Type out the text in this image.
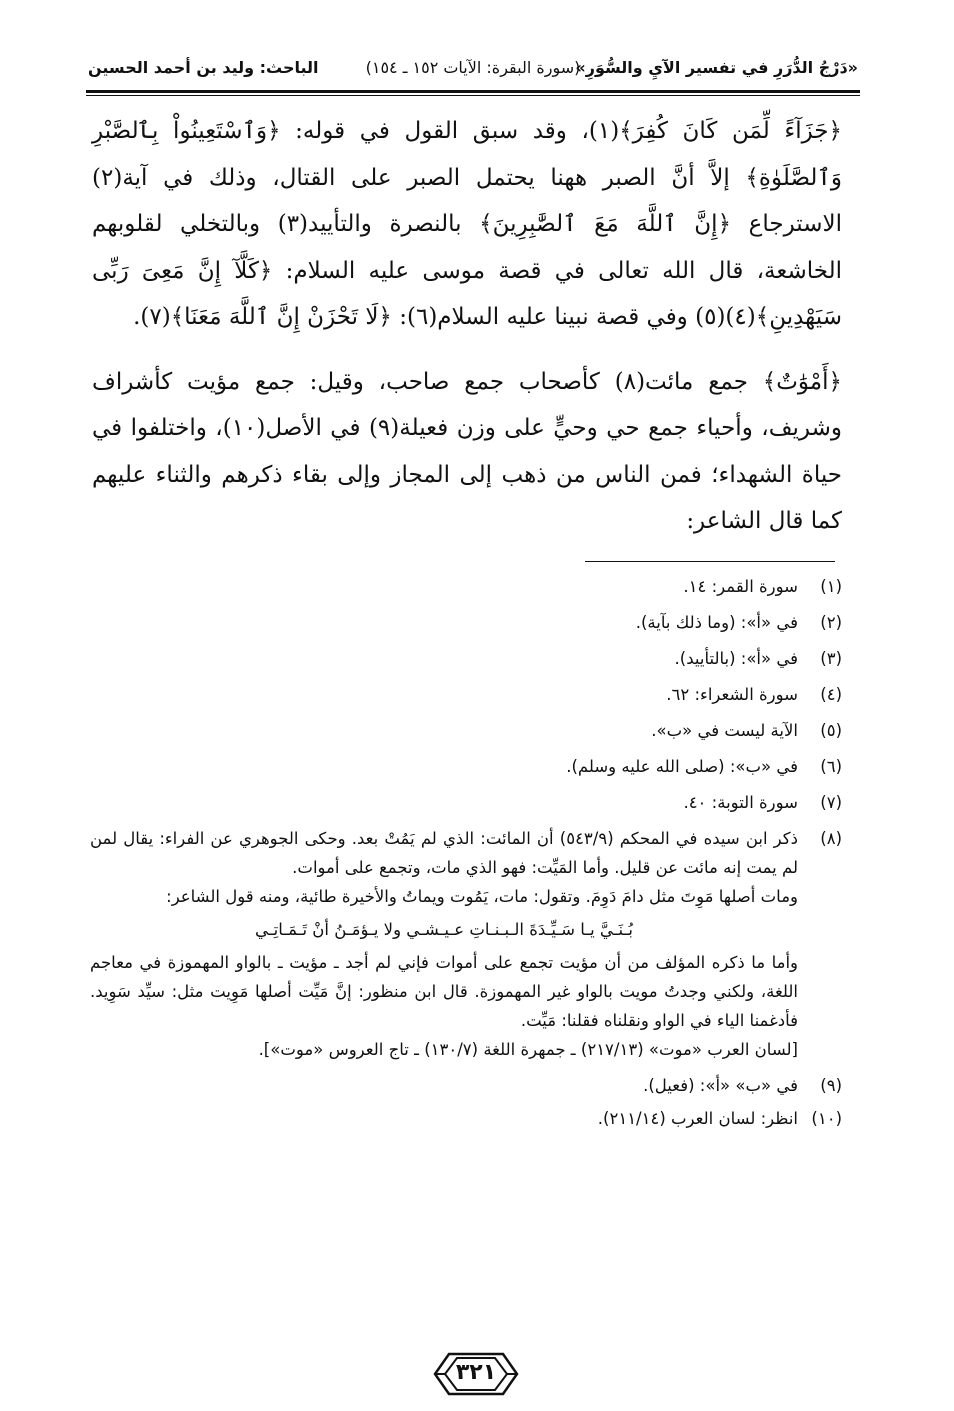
«دَرْجُ الدُّرَرِ في تفسير الآيِ والسُّوَرِ»
(سورة البقرة: الآيات ١٥٢ ـ ١٥٤)
الباحث: وليد بن أحمد الحسين

﴿جَزَآءً لِّمَن كَانَ كُفِرَ﴾(١)، وقد سبق القول في قوله: ﴿وَٱسْتَعِينُواْ بِٱلصَّبْرِ وَٱلصَّلَوٰةِ﴾ إلاَّ أنَّ الصبر ههنا يحتمل الصبر على القتال، وذلك في آية(٢) الاسترجاع ﴿إِنَّ ٱللَّهَ مَعَ ٱلصَّٰبِرِينَ﴾ بالنصرة والتأييد(٣) وبالتخلي لقلوبهم الخاشعة، قال الله تعالى في قصة موسى عليه السلام: ﴿كَلَّآ إِنَّ مَعِىَ رَبِّى سَيَهْدِينِ﴾(٤)(٥) وفي قصة نبينا عليه السلام(٦): ﴿لَا تَحْزَنْ إِنَّ ٱللَّهَ مَعَنَا﴾(٧).

﴿أَمْوَٰتٌ﴾ جمع مائت(٨) كأصحاب جمع صاحب، وقيل: جمع مؤيت كأشراف وشريف، وأحياء جمع حي وحيٍّ على وزن فعيلة(٩) في الأصل(١٠)، واختلفوا في حياة الشهداء؛ فمن الناس من ذهب إلى المجاز وإلى بقاء ذكرهم والثناء عليهم كما قال الشاعر:

(١)
سورة القمر: ١٤.
(٢)
في «أ»: (وما ذلك بآية).
(٣)
في «أ»: (بالتأييد).
(٤)
سورة الشعراء: ٦٢.
(٥)
الآية ليست في «ب».
(٦)
في «ب»: (صلى الله عليه وسلم).
(٧)
سورة التوبة: ٤٠.
(٨)
ذكر ابن سيده في المحكم (٥٤٣/٩) أن المائت: الذي لم يَمُتْ بعد. وحكى الجوهري عن الفراء: يقال لمن لم يمت إنه مائت عن قليل. وأما المَيِّت: فهو الذي مات، وتجمع على أموات.
ومات أصلها مَوِتَ مثل دامَ دَوِمَ. وتقول: مات، يَمُوت ويماتُ والأخيرة طائية، ومنه قول الشاعر:
بُـنَـيَّ يـا سَـيِّـدَةَ الـبـنـاتِ عـيـشـي ولا يـؤمَـنُ أنْ تَـمَـاتِـي
وأما ما ذكره المؤلف من أن مؤيت تجمع على أموات فإني لم أجد ـ مؤيت ـ بالواو المهموزة في معاجم اللغة، ولكني وجدتُ مويت بالواو غير المهموزة. قال ابن منظور: إنَّ مَيِّت أصلها مَوِيت مثل: سيِّد سَوِيد. فأدغمنا الياء في الواو ونقلناه فقلنا: مَيِّت.
[لسان العرب «موت» (٢١٧/١٣) ـ جمهرة اللغة (١٣٠/٧) ـ تاج العروس «موت»].
(٩)
في «ب» «أ»: (فعيل).
(١٠)
انظر: لسان العرب (٢١١/١٤).
٣٢١
